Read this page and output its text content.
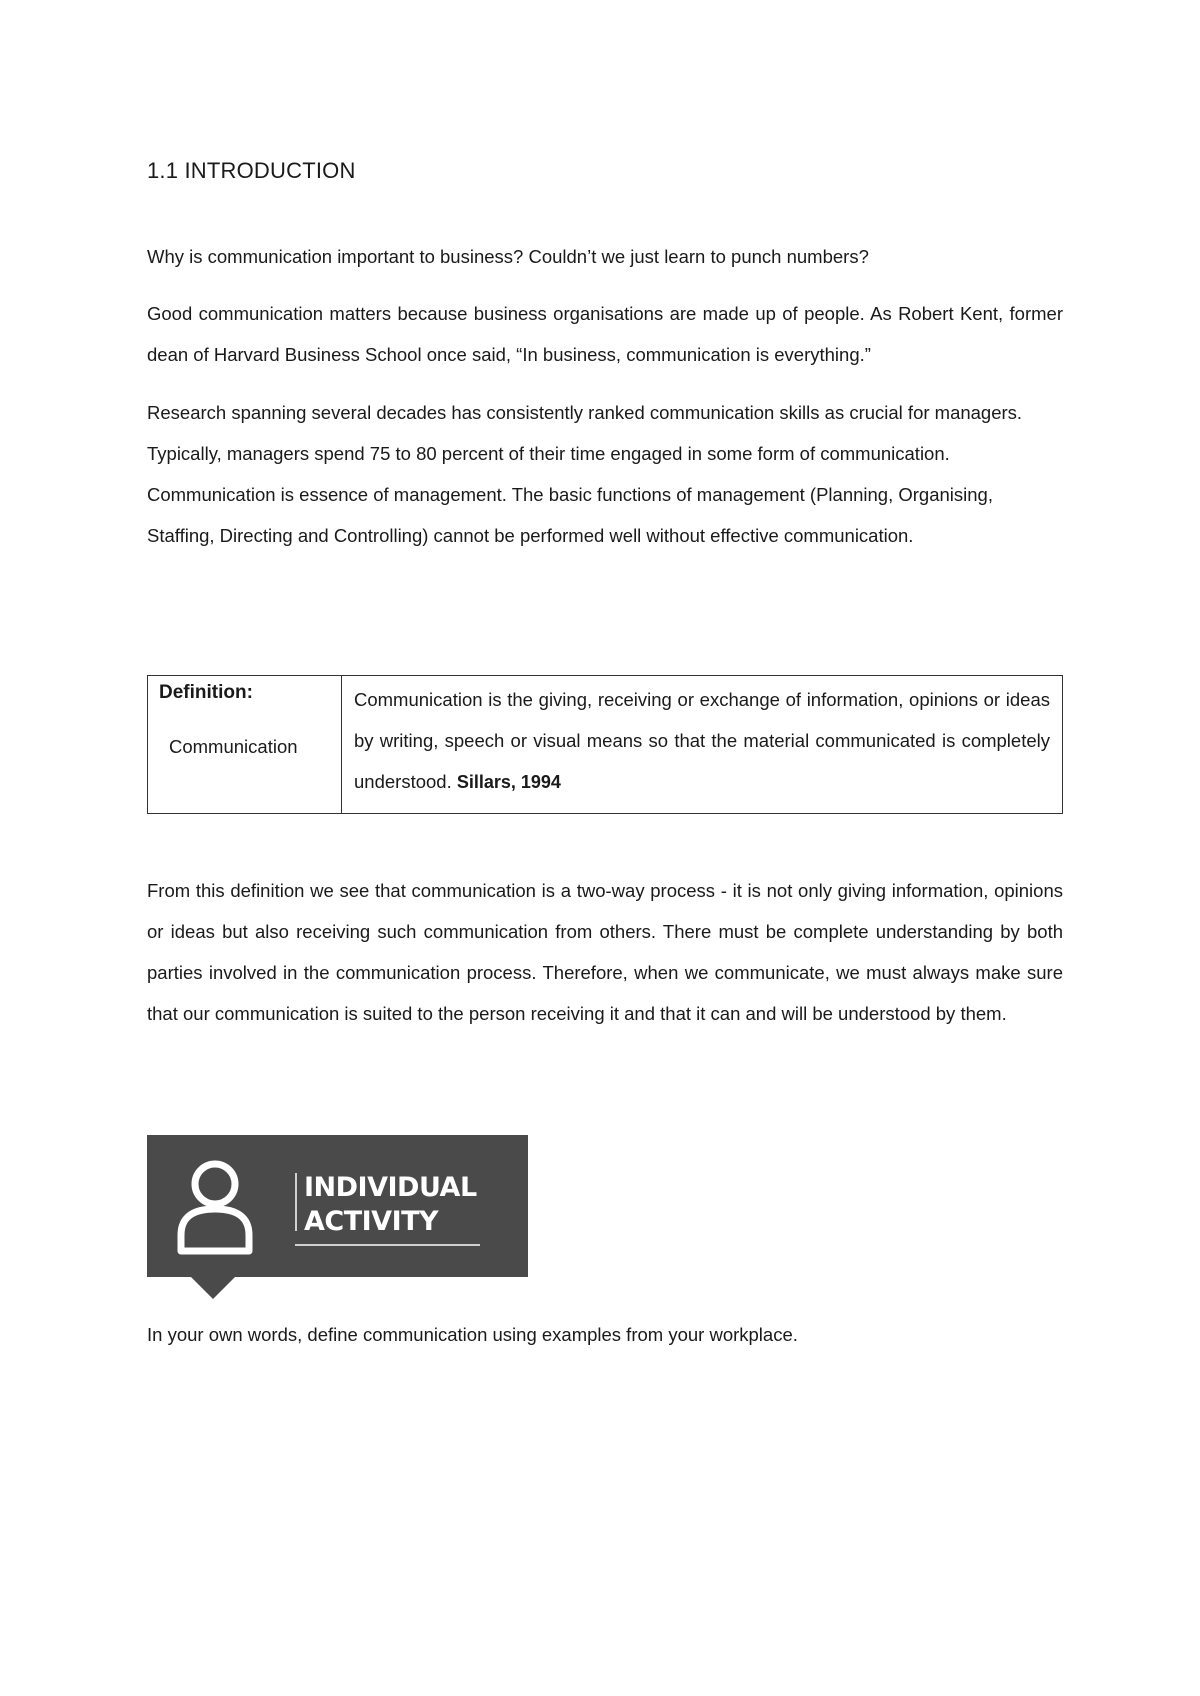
1.1 INTRODUCTION

Why is communication important to business? Couldn’t we just learn to punch numbers?

Good communication matters because business organisations are made up of people. As Robert Kent, former dean of Harvard Business School once said, “In business, communication is everything.”

Research spanning several decades has consistently ranked communication skills as crucial for managers. Typically, managers spend 75 to 80 percent of their time engaged in some form of communication. Communication is essence of management. The basic functions of management (Planning, Organising, Staffing, Directing and Controlling) cannot be performed well without effective communication.

Definition:
Communication
Communication is the giving, receiving or exchange of information, opinions or ideas by writing, speech or visual means so that the material communicated is completely understood. Sillars, 1994

From this definition we see that communication is a two-way process - it is not only giving information, opinions or ideas but also receiving such communication from others. There must be complete understanding by both parties involved in the communication process. Therefore, when we communicate, we must always make sure that our communication is suited to the person receiving it and that it can and will be understood by them.

INDIVIDUAL
ACTIVITY

In your own words, define communication using examples from your workplace.
